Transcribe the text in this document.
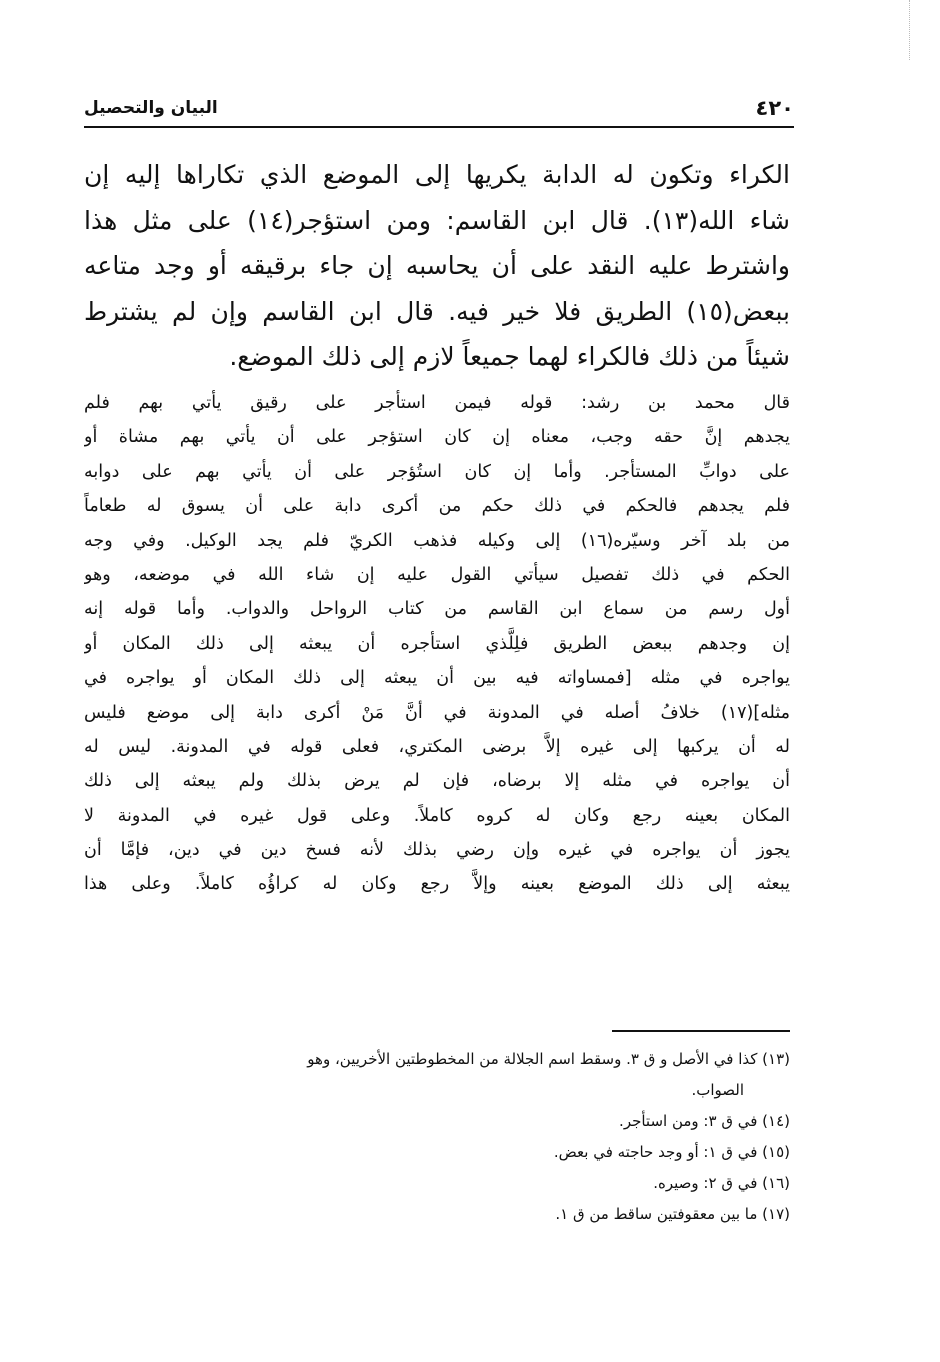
٤٢٠
البيان والتحصيل
الكراء وتكون له الدابة يكريها إلى الموضع الذي تكاراها إليه إن
شاء الله(١٣). قال ابن القاسم: ومن استؤجر(١٤) على مثل هذا
واشترط عليه النقد على أن يحاسبه إن جاء برقيقه أو وجد متاعه
ببعض(١٥) الطريق فلا خير فيه. قال ابن القاسم وإن لم يشترط
شيئاً من ذلك فالكراء لهما جميعاً لازم إلى ذلك الموضع.
قال محمد بن رشد: قوله فيمن استأجر على رقيق يأتي بهم فلم
يجدهم إنَّ حقه وجب، معناه إن كان استؤجر على أن يأتي بهم مشاة أو
على دوابِّ المستأجر. وأما إن كان استُؤجر على أن يأتي بهم على دوابه
فلم يجدهم فالحكم في ذلك حكم من أكرى دابة على أن يسوق له طعاماً
من بلد آخر وسيّره(١٦) إلى وكيله فذهب الكريّ فلم يجد الوكيل. وفي وجه
الحكم في ذلك تفصيل سيأتي القول عليه إن شاء الله في موضعه، وهو
أول رسم من سماع ابن القاسم من كتاب الرواحل والدواب. وأما قوله إنه
إن وجدهم ببعض الطريق فلِلَّذي استأجره أن يبعثه إلى ذلك المكان أو
يواجره في مثله [فمساواته فيه بين أن يبعثه إلى ذلك المكان أو يواجره في
مثله](١٧) خلافُ أصله في المدونة في أنَّ مَنْ أكرى دابة إلى موضع فليس
له أن يركبها إلى غيره إلاَّ برضى المكتري، فعلى قوله في المدونة. ليس له
أن يواجره في مثله إلا برضاه، فإن لم يرض بذلك ولم يبعثه إلى ذلك
المكان بعينه رجع وكان له كروه كاملاً. وعلى قول غيره في المدونة لا
يجوز أن يواجره في غيره وإن رضي بذلك لأنه فسخ دين في دين، فإمَّا أن
يبعثه إلى ذلك الموضع بعينه وإلاَّ رجع وكان له كراؤُه كاملاً. وعلى هذا
(١٣) كذا في الأصل و ق ٣. وسقط اسم الجلالة من المخطوطتين الأخريين، وهو
الصواب.
(١٤) في ق ٣: ومن استأجر.
(١٥) في ق ١: أو وجد حاجته في بعض.
(١٦) في ق ٢: وصيره.
(١٧) ما بين معقوفتين ساقط من ق ١.
